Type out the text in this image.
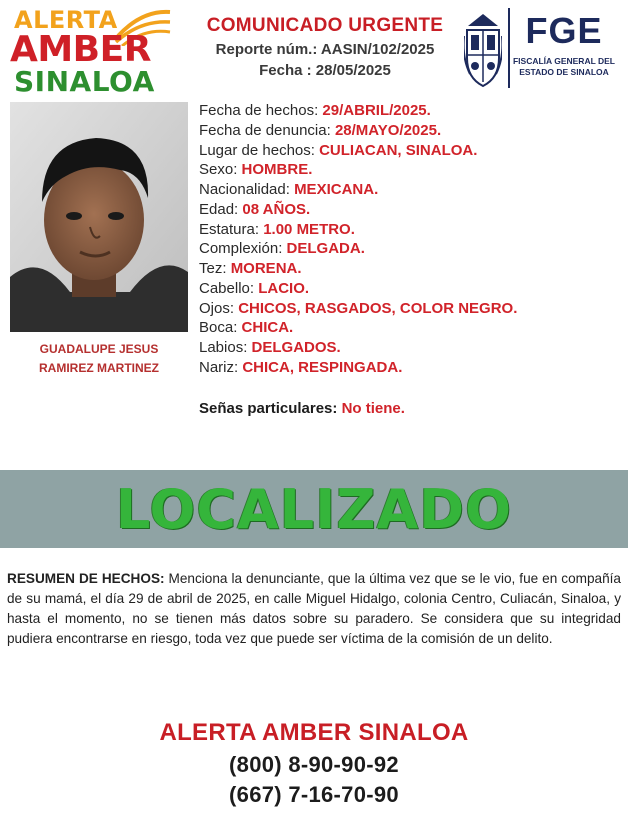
ALERTA
AMBER
SINALOA
COMUNICADO URGENTE
Reporte núm.: AASIN/102/2025
Fecha : 28/05/2025
FGE
FISCALÍA GENERAL DEL
ESTADO DE SINALOA
GUADALUPE JESUS
RAMIREZ MARTINEZ
Fecha de hechos: 29/ABRIL/2025.
Fecha de denuncia: 28/MAYO/2025.
Lugar de hechos: CULIACAN, SINALOA.
Sexo: HOMBRE.
Nacionalidad: MEXICANA.
Edad: 08 AÑOS.
Estatura: 1.00 METRO.
Complexión: DELGADA.
Tez: MORENA.
Cabello: LACIO.
Ojos: CHICOS, RASGADOS, COLOR NEGRO.
Boca: CHICA.
Labios: DELGADOS.
Nariz: CHICA, RESPINGADA.
Señas particulares: No tiene.
LOCALIZADO

RESUMEN DE HECHOS: Menciona la denunciante, que la última vez que se le vio, fue en compañía de su mamá, el día 29 de abril de 2025, en calle Miguel Hidalgo, colonia Centro, Culiacán, Sinaloa, y hasta el momento, no se tienen más datos sobre su paradero. Se considera que su integridad pudiera encontrarse en riesgo, toda vez que puede ser víctima de la comisión de un delito.

ALERTA AMBER SINALOA
(800) 8-90-90-92
(667) 7-16-70-90
